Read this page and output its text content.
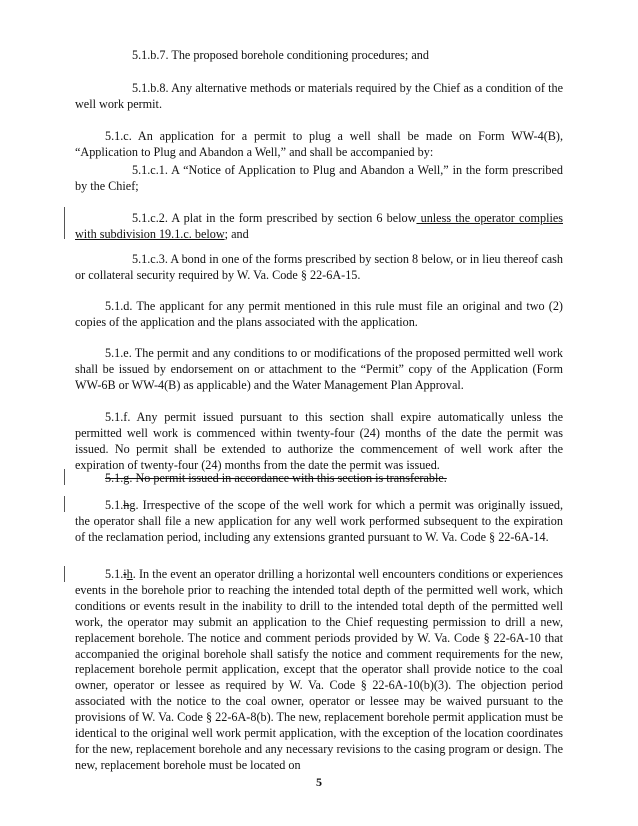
5.1.b.7. The proposed borehole conditioning procedures; and

5.1.b.8. Any alternative methods or materials required by the Chief as a condition of the well work permit.

5.1.c. An application for a permit to plug a well shall be made on Form WW-4(B), “Application to Plug and Abandon a Well,” and shall be accompanied by:

5.1.c.1. A “Notice of Application to Plug and Abandon a Well,” in the form prescribed by the Chief;

5.1.c.2. A plat in the form prescribed by section 6 below unless the operator complies with subdivision 19.1.c. below; and

5.1.c.3. A bond in one of the forms prescribed by section 8 below, or in lieu thereof cash or collateral security required by W. Va. Code § 22-6A-15.

5.1.d. The applicant for any permit mentioned in this rule must file an original and two (2) copies of the application and the plans associated with the application.

5.1.e. The permit and any conditions to or modifications of the proposed permitted well work shall be issued by endorsement on or attachment to the “Permit” copy of the Application (Form WW-6B or WW-4(B) as applicable) and the Water Management Plan Approval.

5.1.f. Any permit issued pursuant to this section shall expire automatically unless the permitted well work is commenced within twenty-four (24) months of the date the permit was issued. No permit shall be extended to authorize the commencement of well work after the expiration of twenty-four (24) months from the date the permit was issued.

5.1.g. No permit issued in accordance with this section is transferable.

5.1.hg. Irrespective of the scope of the well work for which a permit was originally issued, the operator shall file a new application for any well work performed subsequent to the expiration of the reclamation period, including any extensions granted pursuant to W. Va. Code § 22-6A-14.

5.1.ih. In the event an operator drilling a horizontal well encounters conditions or experiences events in the borehole prior to reaching the intended total depth of the permitted well work, which conditions or events result in the inability to drill to the intended total depth of the permitted well work, the operator may submit an application to the Chief requesting permission to drill a new, replacement borehole. The notice and comment periods provided by W. Va. Code § 22-6A-10 that accompanied the original borehole shall satisfy the notice and comment requirements for the new, replacement borehole permit application, except that the operator shall provide notice to the coal owner, operator or lessee as required by W. Va. Code § 22-6A-10(b)(3). The objection period associated with the notice to the coal owner, operator or lessee may be waived pursuant to the provisions of W. Va. Code § 22-6A-8(b). The new, replacement borehole permit application must be identical to the original well work permit application, with the exception of the location coordinates for the new, replacement borehole and any necessary revisions to the casing program or design. The new, replacement borehole must be located on

5
